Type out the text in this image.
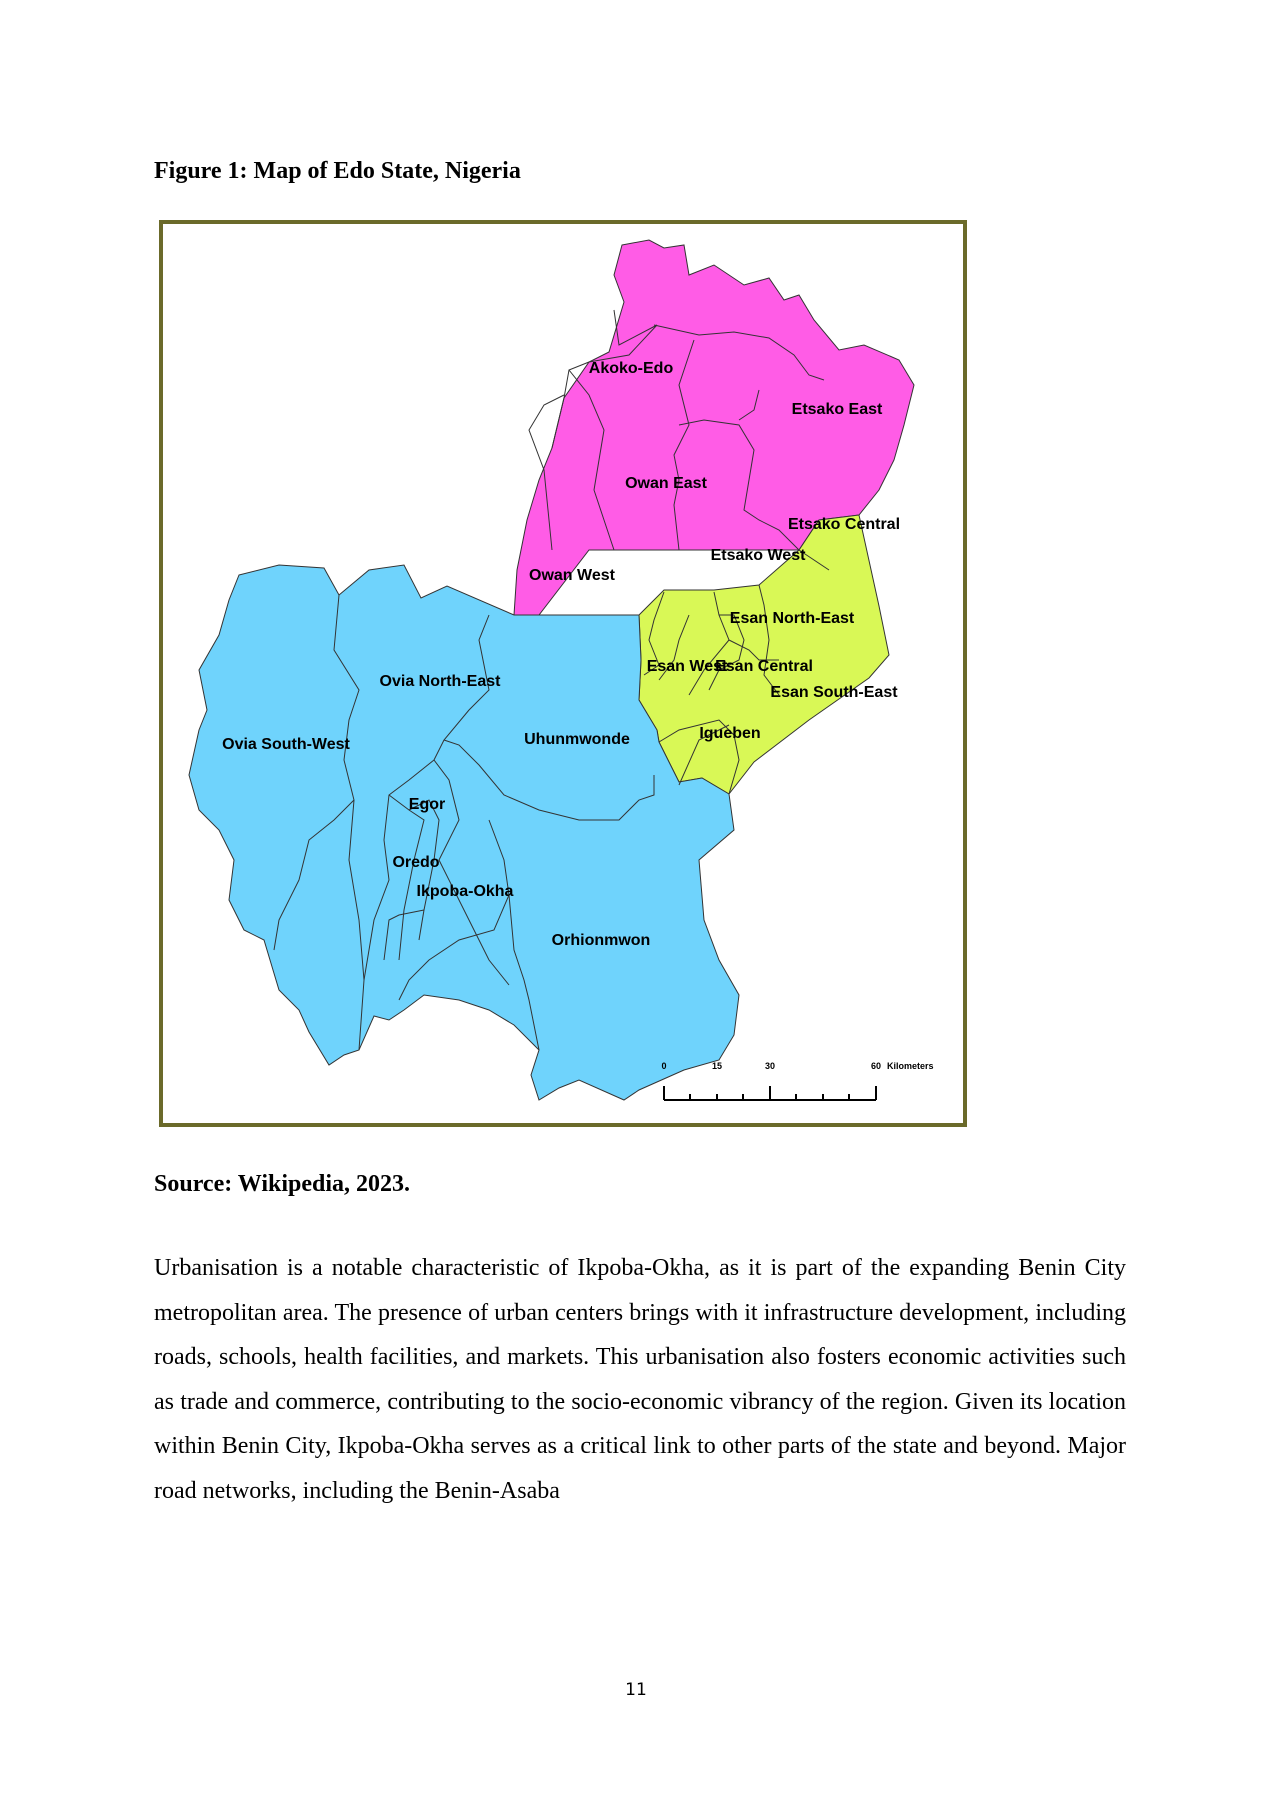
Figure 1: Map of Edo State, Nigeria

Akoko-Edo
Etsako East
Owan East
Etsako Central
Etsako West
Owan West
Esan North-East
Esan West
Esan Central
Esan South-East
Ovia North-East
Ovia South-West	Uhunmwonde	Igueben
Egor
Oredo
Ikpoba-Okha
Orhionmwon
0	15	30	60 Kilometers

Source: Wikipedia, 2023.

Urbanisation is a notable characteristic of Ikpoba-Okha, as it is part of the expanding Benin City metropolitan area. The presence of urban centers brings with it infrastructure development, including roads, schools, health facilities, and markets. This urbanisation also fosters economic activities such as trade and commerce, contributing to the socio-economic vibrancy of the region. Given its location within Benin City, Ikpoba-Okha serves as a critical link to other parts of the state and beyond. Major road networks, including the Benin-Asaba

11
